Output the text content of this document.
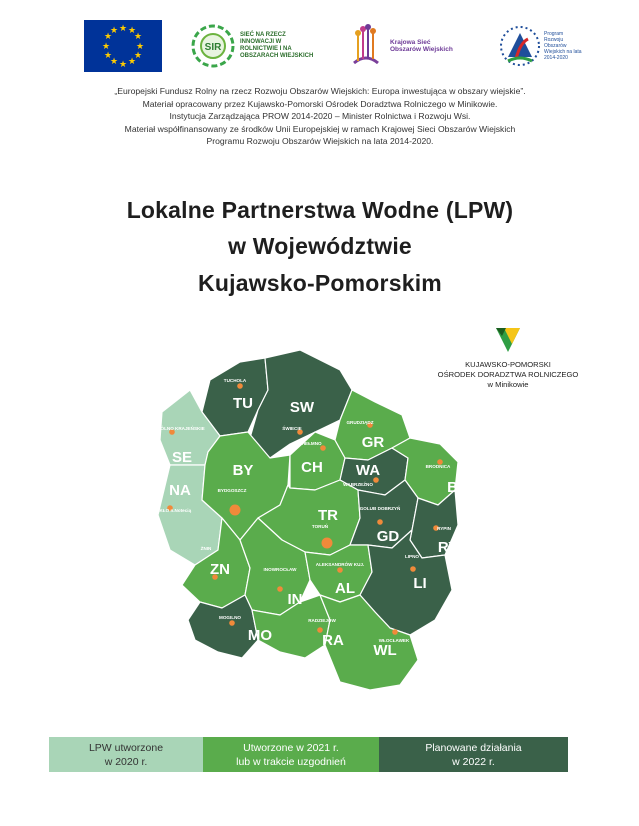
★ ★
★
★
★
★
★
★
★
★
★
★
SIR
SIEĆ NA RZECZ INNOWACJI W ROLNICTWIE I NA OBSZARACH WIEJSKICH
Krajowa Sieć Obszarów Wiejskich
Program Rozwoju Obszarów Wiejskich na lata 2014-2020
„Europejski Fundusz Rolny na rzecz Rozwoju Obszarów Wiejskich: Europa inwestująca w obszary wiejskie”.
Materiał opracowany przez Kujawsko-Pomorski Ośrodek Doradztwa Rolniczego w Minikowie.
Instytucja Zarządzająca PROW 2014-2020 – Minister Rolnictwa i Rozwoju Wsi.
Materiał współfinansowany ze środków Unii Europejskiej w ramach Krajowej Sieci Obszarów Wiejskich
Programu Rozwoju Obszarów Wiejskich na lata 2014-2020.
Lokalne Partnerstwa Wodne (LPW)
w Województwie
Kujawsko-Pomorskim
KUJAWSKO-POMORSKI
OŚRODEK DORADZTWA ROLNICZEGO
w Minikowie
TUCHOLA
TU
ŚWIECIE
SW
SĘPÓLNO KRAJEŃSKIE
SE
NAKŁO n.Notecią
NA	BYDGOSZCZ
BY
CHEŁMNO
CH
GRUDZIĄDZ
GR
WĄBRZEŹNO
WA	BRODNICA
BR
TORUŃ
TR	GOLUB DOBRZYŃ
GD	RYPIN
RY
ŻNIN
ZN	INOWROCŁAW
IN
ALEKSANDRÓW KUJ.
AL
LIPNO
LI
MOGILNO
MO
RADZIEJÓW
RA	WŁOCŁAWEK
WL
LPW utworzone
w 2020 r.
Utworzone w 2021 r.
lub w trakcie uzgodnień
Planowane działania
w 2022 r.
